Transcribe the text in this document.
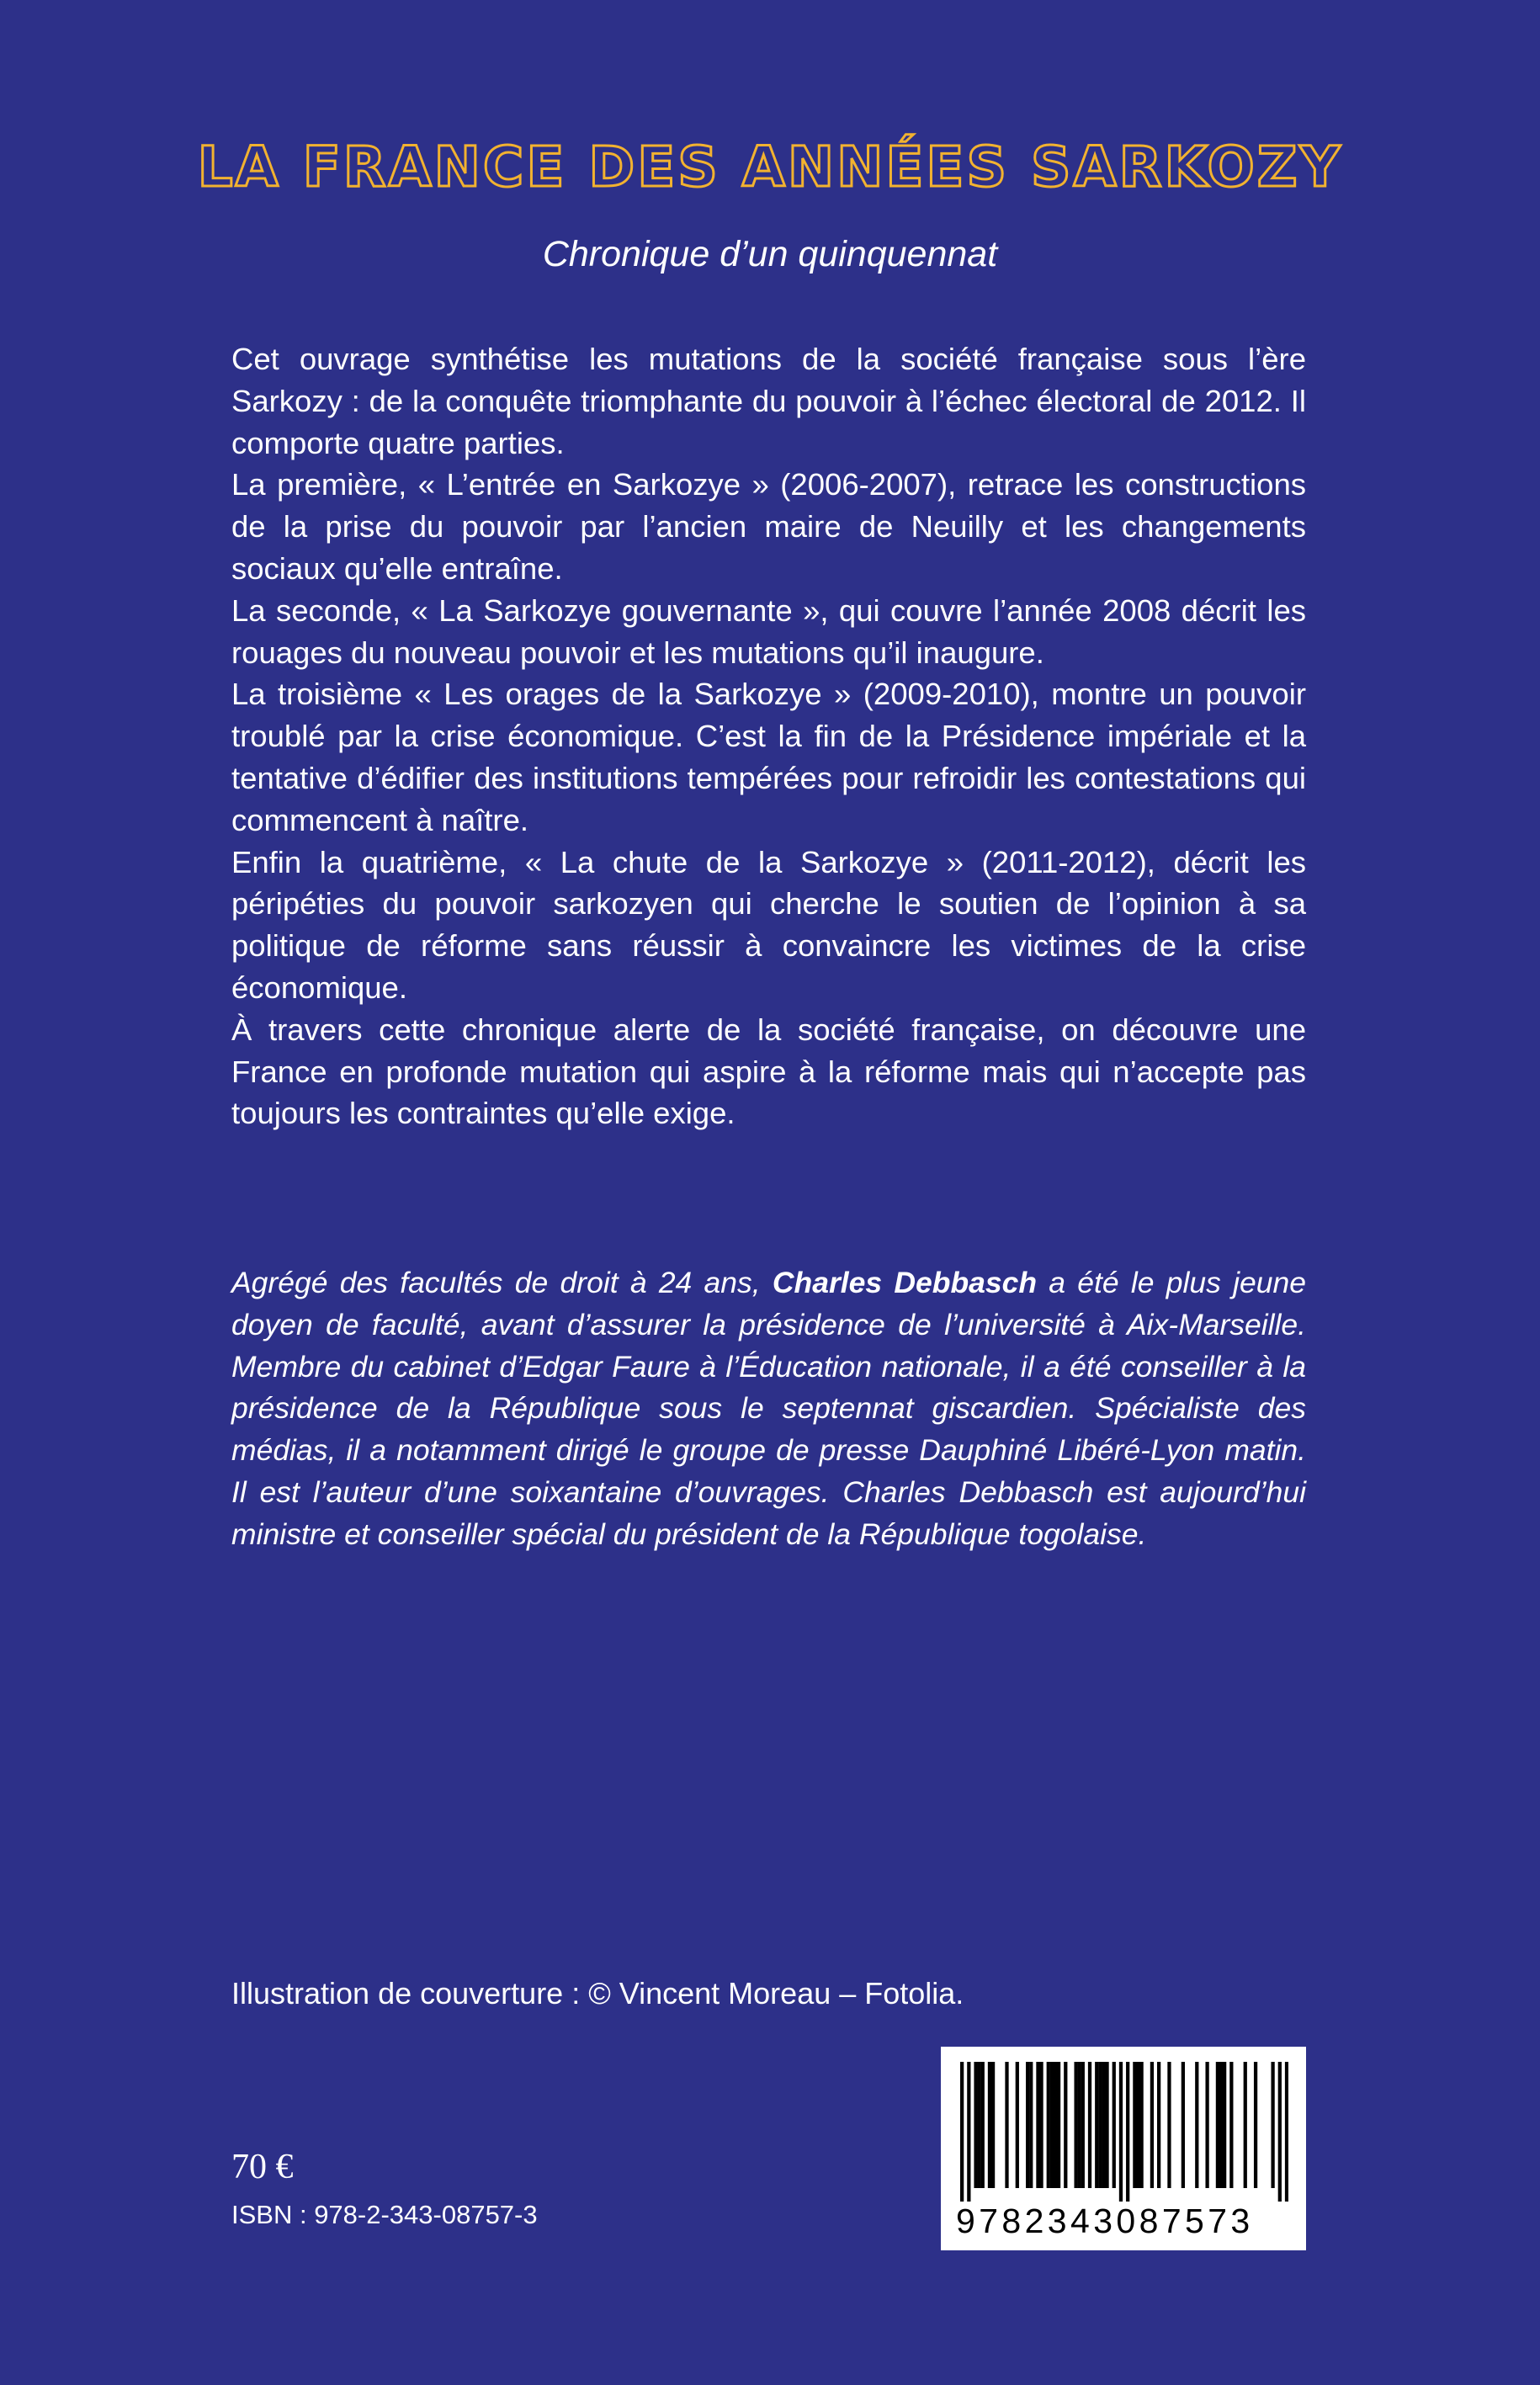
LA FRANCE DES ANNÉES SARKOZY
Chronique d’un quinquennat

Cet ouvrage synthétise les mutations de la société française sous l’ère Sarkozy : de la conquête triomphante du pouvoir à l’échec électoral de 2012. Il comporte quatre parties.

La première, « L’entrée en Sarkozye » (2006-2007), retrace les constructions de la prise du pouvoir par l’ancien maire de Neuilly et les changements sociaux qu’elle entraîne.

La seconde, « La Sarkozye gouvernante », qui couvre l’année 2008 décrit les rouages du nouveau pouvoir et les mutations qu’il inaugure.

La troisième « Les orages de la Sarkozye » (2009-2010), montre un pouvoir troublé par la crise économique. C’est la fin de la Présidence impériale et la tentative d’édifier des institutions tempérées pour refroidir les contestations qui commencent à naître.

Enfin la quatrième, « La chute de la Sarkozye » (2011-2012), décrit les péripéties du pouvoir sarkozyen qui cherche le soutien de l’opinion à sa politique de réforme sans réussir à convaincre les victimes de la crise économique.

À travers cette chronique alerte de la société française, on découvre une France en profonde mutation qui aspire à la réforme mais qui n’accepte pas toujours les contraintes qu’elle exige.

Agrégé des facultés de droit à 24 ans, Charles Debbasch a été le plus jeune doyen de faculté, avant d’assurer la présidence de l’université à Aix-Marseille. Membre du cabinet d’Edgar Faure à l’Éducation nationale, il a été conseiller à la présidence de la République sous le septennat giscardien. Spécialiste des médias, il a notamment dirigé le groupe de presse Dauphiné Libéré-Lyon matin. Il est l’auteur d’une soixantaine d’ouvrages. Charles Debbasch est aujourd’hui ministre et conseiller spécial du président de la République togolaise.

Illustration de couverture : © Vincent Moreau – Fotolia.
70 €
ISBN : 978-2-343-08757-3	9782343087573
